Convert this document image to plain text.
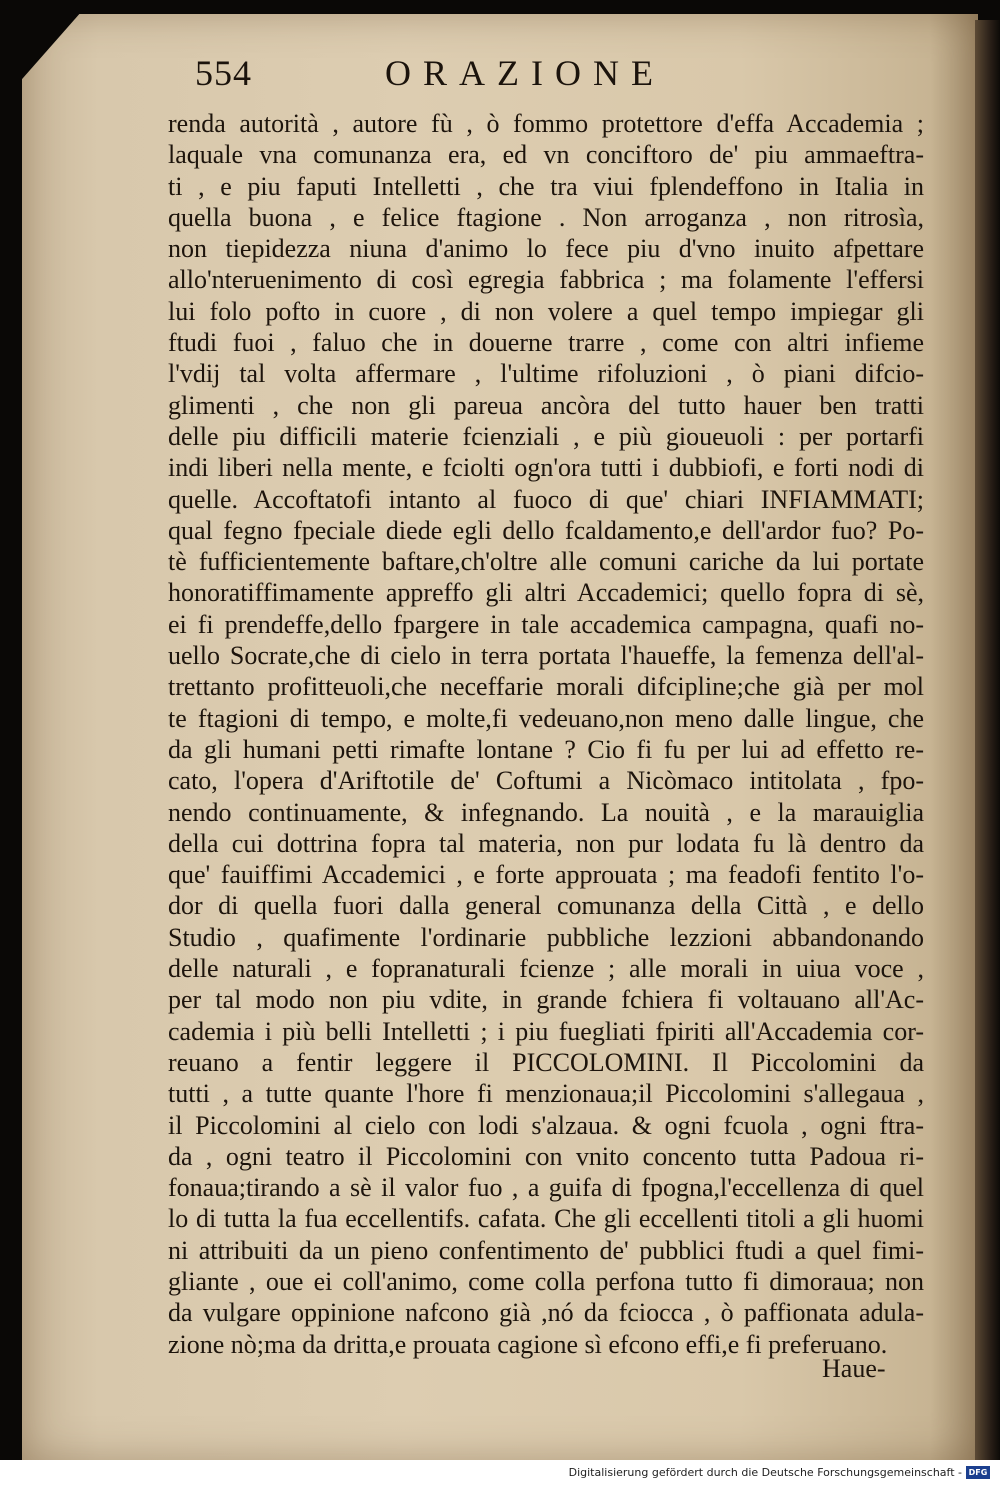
554	ORAZIONE
renda autorità , autore fù , ò fommo protettore d'effa Accademia ;
laquale vna comunanza era, ed vn conciftoro de' piu ammaeftra-
ti , e piu faputi Intelletti , che tra viui fplendeffono in Italia in
quella buona , e felice ftagione . Non arroganza , non ritrosìa,
non tiepidezza niuna d'animo lo fece piu d'vno inuito afpettare
allo'nteruenimento di così egregia fabbrica ; ma folamente l'effersi
lui folo pofto in cuore , di non volere a quel tempo impiegar gli
ftudi fuoi , faluo che in douerne trarre , come con altri infieme
l'vdij tal volta affermare , l'ultime rifoluzioni , ò piani difcio-
glimenti , che non gli pareua ancòra del tutto hauer ben tratti
delle piu difficili materie fcienziali , e più giouеuoli : per portarfi
indi liberi nella mente, e fciolti ogn'ora tutti i dubbiofi, e forti nodi di
quelle. Accoftatofi intanto al fuoco di que' chiari INFIAMMATI;
qual fegno fpeciale diede egli dello fcaldamento,e dell'ardor fuo? Po-
tè fufficientemente baftare,ch'oltre alle comuni cariche da lui portate
honoratiffimamente appreffo gli altri Accademici; quello fopra di sè,
ei fi prendeffe,dello fpargere in tale accademica campagna, quafi no-
uello Socrate,che di cielo in terra portata l'haueffe, la femenza dell'al-
trettanto profitteuoli,che neceffarie morali difcipline;che già per mol
te ftagioni di tempo, e molte,fi vedeuano,non meno dalle lingue, che
da gli humani petti rimafte lontane ? Cio fi fu per lui ad effetto re-
cato, l'opera d'Ariftotile de' Coftumi a Nicòmaco intitolata , fpo-
nendo continuamente, & infegnando. La nouità , e la marauiglia
della cui dottrina fopra tal materia, non pur lodata fu là dentro da
que' fauiffimi Accademici , e forte approuata ; ma feadofi fentito l'o-
dor di quella fuori dalla general comunanza della Città , e dello
Studio , quafimente l'ordinarie pubbliche lezzioni abbandonando
delle naturali , e fopranaturali fcienze ; alle morali in uiua voce ,
per tal modo non piu vdite, in grande fchiera fi voltauano all'Ac-
cademia i più belli Intelletti ; i piu fuegliati fpiriti all'Accademia cor-
reuano a fentir leggere il PICCOLOMINI. Il Piccolomini da
tutti , a tutte quante l'hore fi menzionaua;il Piccolomini s'allegaua ,
il Piccolomini al cielo con lodi s'alzaua. & ogni fcuola , ogni ftra-
da , ogni teatro il Piccolomini con vnito concento tutta Padoua ri-
fonaua;tirando a sè il valor fuo , a guifa di fpogna,l'eccellenza di quel
lo di tutta la fua eccellentifs. cafata. Che gli eccellenti titoli a gli huomi
ni attribuiti da un pieno confentimento de' pubblici ftudi a quel fimi-
gliante , oue ei coll'animo, come colla perfona tutto fi dimoraua; non
da vulgare oppinione nafcono già ,nó da fciocca , ò paffionata adula-
zione nò;ma da dritta,e prouata cagione sì efcono effi,e fi preferuano.
Haue-
Digitalisierung gefördert durch die Deutsche Forschungsgemeinschaft - DFG
